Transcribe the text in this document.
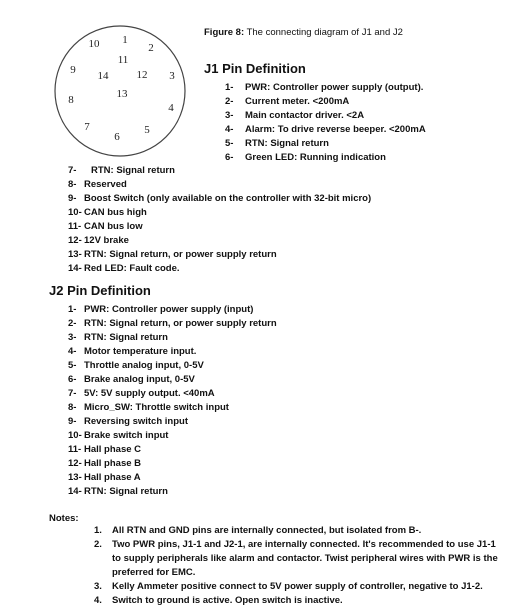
1
2
3
4
5
6
7
8
9
10
11
12
13
14
Figure 8: The connecting diagram of J1 and J2
J1 Pin Definition
1- PWR: Controller power supply (output).
2- Current meter. <200mA
3- Main contactor driver. <2A
4- Alarm: To drive reverse beeper. <200mA
5- RTN: Signal return
6- Green LED: Running indication
7- RTN: Signal return
8- Reserved
9- Boost Switch (only available on the controller with 32-bit micro)
10- CAN bus high
11- CAN bus low
12- 12V brake
13- RTN: Signal return, or power supply return
14- Red LED: Fault code.
J2 Pin Definition
1- PWR: Controller power supply (input)
2- RTN: Signal return, or power supply return
3- RTN: Signal return
4- Motor temperature input.
5- Throttle analog input, 0-5V
6- Brake analog input, 0-5V
7- 5V: 5V supply output. <40mA
8- Micro_SW: Throttle switch input
9- Reversing switch input
10- Brake switch input
11- Hall phase C
12- Hall phase B
13- Hall phase A
14- RTN: Signal return
Notes:
1. All RTN and GND pins are internally connected, but isolated from B-.
2. Two PWR pins, J1-1 and J2-1, are internally connected. It's recommended to use J1-1
to supply peripherals like alarm and contactor. Twist peripheral wires with PWR is the
preferred for EMC.
3. Kelly Ammeter positive connect to 5V power supply of controller, negative to J1-2.
4. Switch to ground is active. Open switch is inactive.
